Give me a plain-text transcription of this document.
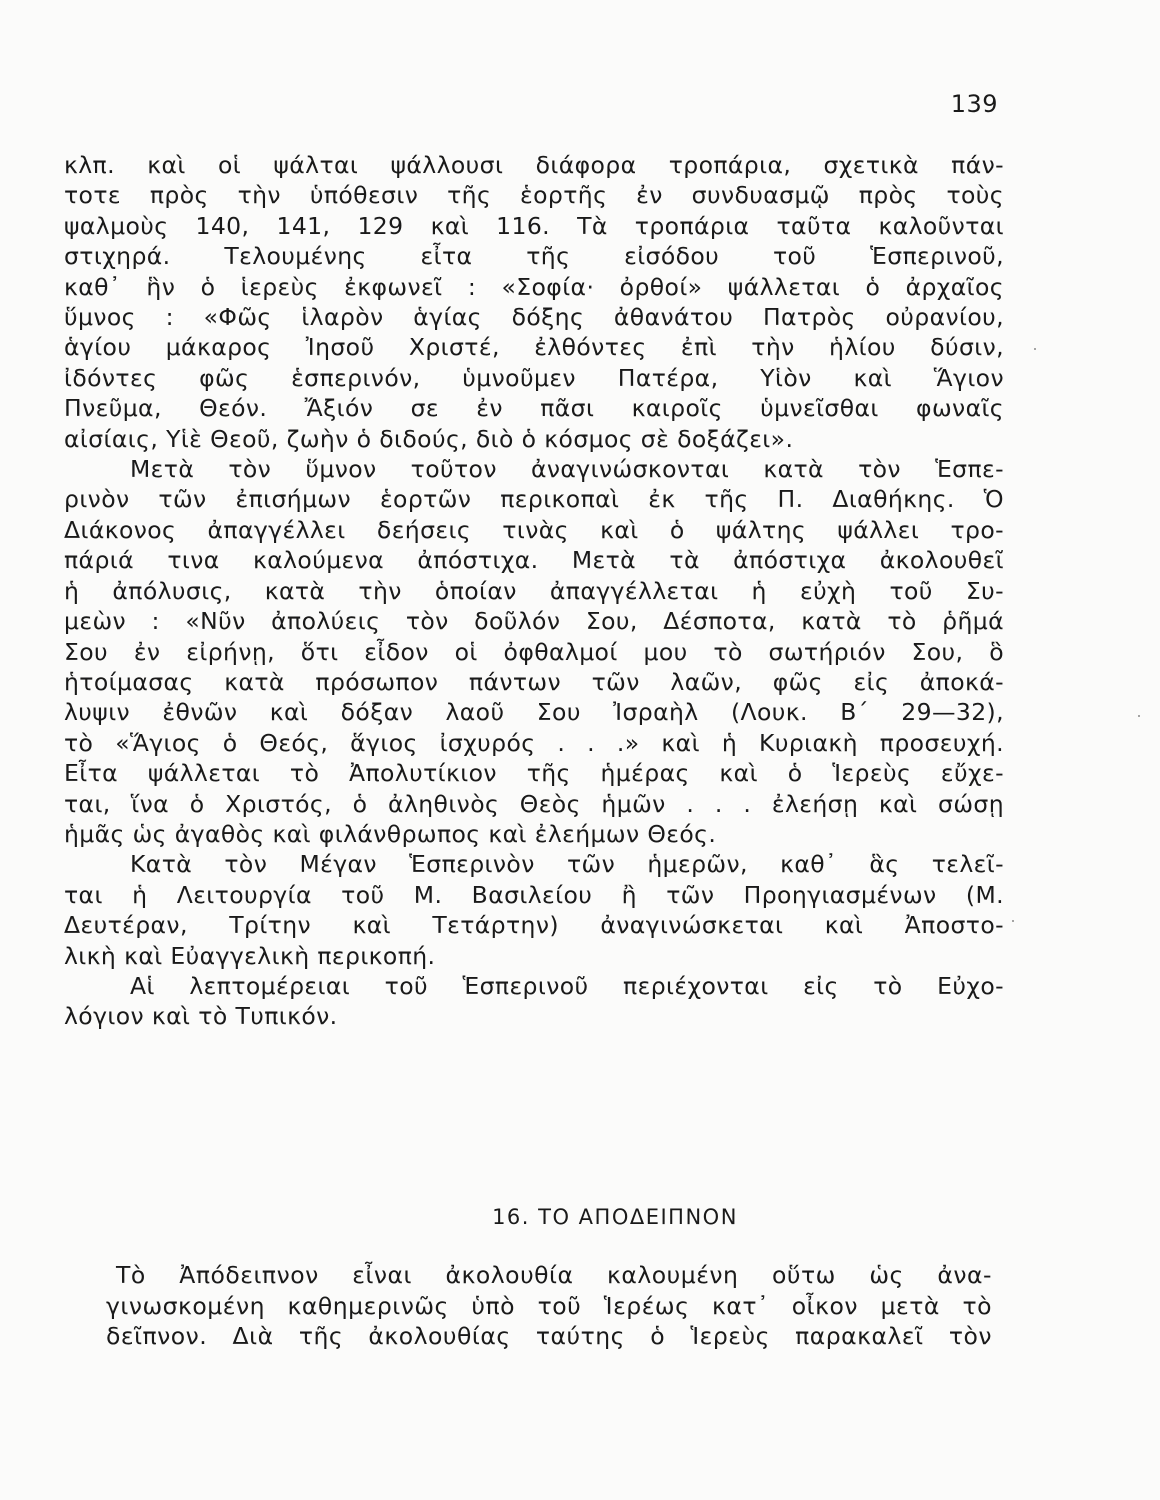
139
κλπ. καὶ οἱ ψάλται ψάλλουσι διάφορα τροπάρια, σχετικὰ πάν-
τοτε πρὸς τὴν ὑπόθεσιν τῆς ἑορτῆς ἐν συνδυασμῷ πρὸς τοὺς
ψαλμοὺς 140, 141, 129 καὶ 116. Τὰ τροπάρια ταῦτα καλοῦνται
στιχηρά. Τελουμένης εἶτα τῆς εἰσόδου τοῦ Ἑσπερινοῦ,
καθ᾽ ἣν ὁ ἱερεὺς ἐκφωνεῖ : «Σοφία· ὀρθοί» ψάλλεται ὁ ἀρχαῖος
ὕμνος : «Φῶς ἱλαρὸν ἁγίας δόξης ἀθανάτου Πατρὸς οὐρανίου,
ἁγίου μάκαρος Ἰησοῦ Χριστέ, ἐλθόντες ἐπὶ τὴν ἡλίου δύσιν,
ἰδόντες φῶς ἑσπερινόν, ὑμνοῦμεν Πατέρα, Υἱὸν καὶ Ἅγιον
Πνεῦμα, Θεόν. Ἄξιόν σε ἐν πᾶσι καιροῖς ὑμνεῖσθαι φωναῖς
αἰσίαις, Υἱὲ Θεοῦ, ζωὴν ὁ διδούς, διὸ ὁ κόσμος σὲ δοξάζει».
Μετὰ τὸν ὕμνον τοῦτον ἀναγινώσκονται κατὰ τὸν Ἑσπε-
ρινὸν τῶν ἐπισήμων ἑορτῶν περικοπαὶ ἐκ τῆς Π. Διαθήκης. Ὁ
Διάκονος ἀπαγγέλλει δεήσεις τινὰς καὶ ὁ ψάλτης ψάλλει τρο-
πάριά τινα καλούμενα ἀπόστιχα. Μετὰ τὰ ἀπόστιχα ἀκολουθεῖ
ἡ ἀπόλυσις, κατὰ τὴν ὁποίαν ἀπαγγέλλεται ἡ εὐχὴ τοῦ Συ-
μεὼν : «Νῦν ἀπολύεις τὸν δοῦλόν Σου, Δέσποτα, κατὰ τὸ ῥῆμά
Σου ἐν εἰρήνῃ, ὅτι εἶδον οἱ ὀφθαλμοί μου τὸ σωτήριόν Σου, ὃ
ἡτοίμασας κατὰ πρόσωπον πάντων τῶν λαῶν, φῶς εἰς ἀποκά-
λυψιν ἐθνῶν καὶ δόξαν λαοῦ Σου Ἰσραὴλ (Λουκ. Β΄ 29—32),
τὸ «Ἅγιος ὁ Θεός, ἅγιος ἰσχυρός . . .» καὶ ἡ Κυριακὴ προσευχή.
Εἶτα ψάλλεται τὸ Ἀπολυτίκιον τῆς ἡμέρας καὶ ὁ Ἱερεὺς εὔχε-
ται, ἵνα ὁ Χριστός, ὁ ἀληθινὸς Θεὸς ἡμῶν . . . ἐλεήσῃ καὶ σώσῃ
ἡμᾶς ὡς ἀγαθὸς καὶ φιλάνθρωπος καὶ ἐλεήμων Θεός.
Κατὰ τὸν Μέγαν Ἑσπερινὸν τῶν ἡμερῶν, καθ᾽ ἃς τελεῖ-
ται ἡ Λειτουργία τοῦ Μ. Βασιλείου ἢ τῶν Προηγιασμένων (Μ.
Δευτέραν, Τρίτην καὶ Τετάρτην) ἀναγινώσκεται καὶ Ἀποστο-
λικὴ καὶ Εὐαγγελικὴ περικοπή.
Αἱ λεπτομέρειαι τοῦ Ἑσπερινοῦ περιέχονται εἰς τὸ Εὐχο-
λόγιον καὶ τὸ Τυπικόν.
16. ΤΟ ΑΠΟΔΕΙΠΝΟΝ
Τὸ Ἀπόδειπνον εἶναι ἀκολουθία καλουμένη οὕτω ὡς ἀνα-
γινωσκομένη καθημερινῶς ὑπὸ τοῦ Ἱερέως κατ᾽ οἶκον μετὰ τὸ
δεῖπνον. Διὰ τῆς ἀκολουθίας ταύτης ὁ Ἱερεὺς παρακαλεῖ τὸν
